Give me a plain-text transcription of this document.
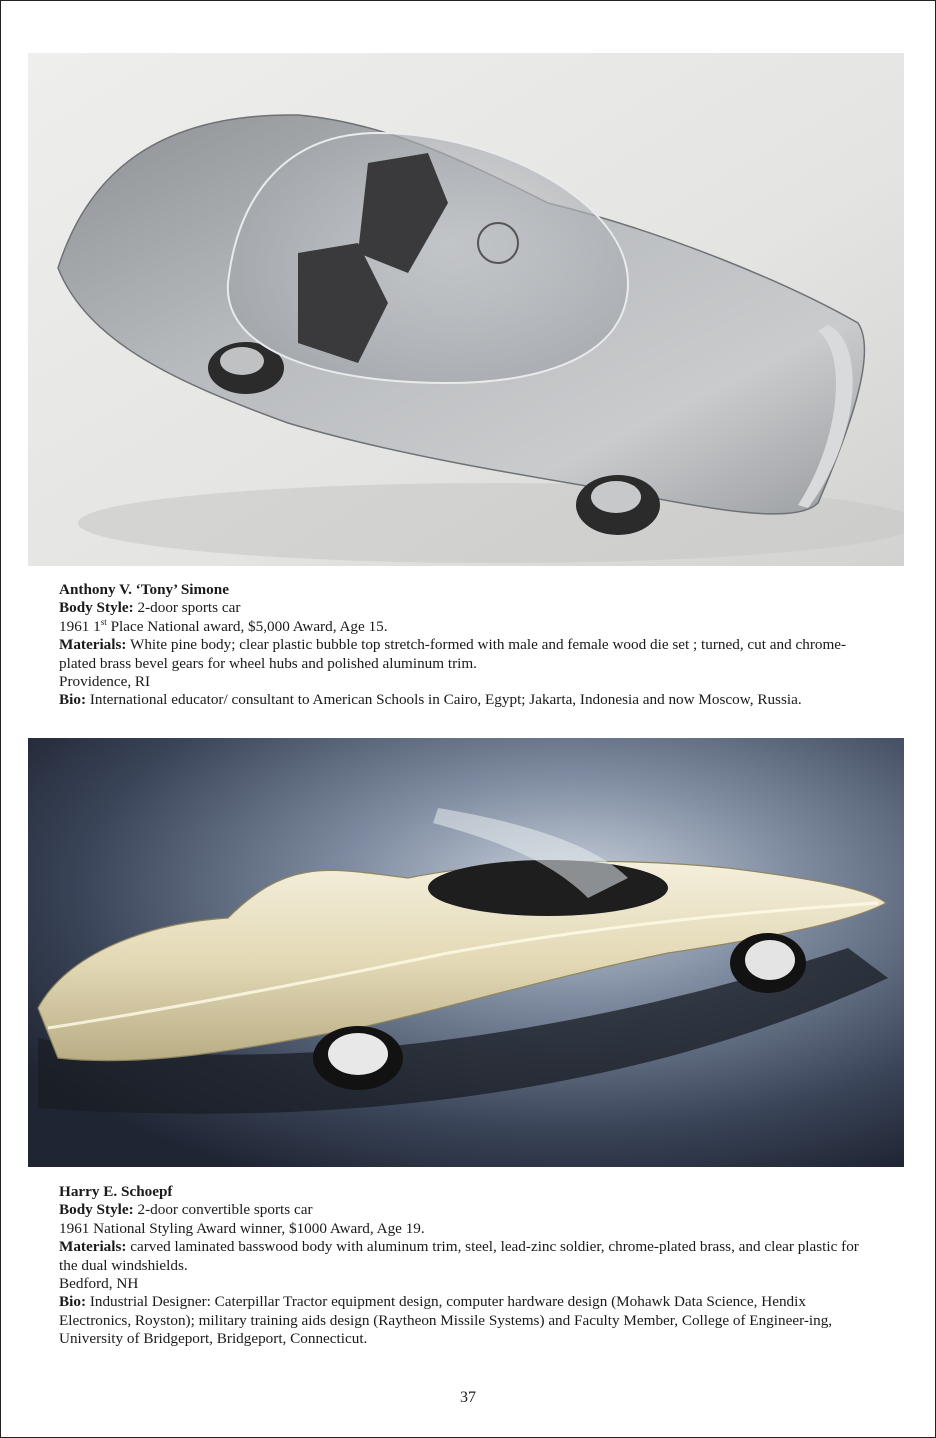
Anthony V. ‘Tony’ Simone

Body Style: 2-door sports car

1961 1st Place National award, $5,000 Award, Age 15.

Materials: White pine body; clear plastic bubble top stretch-formed with male and female wood die set ; turned, cut and chrome-plated brass bevel gears for wheel hubs and polished aluminum trim.

Providence, RI

Bio: International educator/ consultant to American Schools in Cairo, Egypt; Jakarta, Indonesia and now Moscow, Russia.

Harry E. Schoepf

Body Style: 2-door convertible sports car

1961 National Styling Award winner, $1000 Award, Age 19.

Materials: carved laminated basswood body with aluminum trim, steel, lead-zinc soldier, chrome-plated brass, and clear plastic for the dual windshields.

Bedford, NH

Bio: Industrial Designer: Caterpillar Tractor equipment design, computer hardware design (Mohawk Data Science, Hendix Electronics, Royston); military training aids design (Raytheon Missile Systems) and Faculty Member, College of Engineer-ing, University of Bridgeport, Bridgeport, Connecticut.

37
